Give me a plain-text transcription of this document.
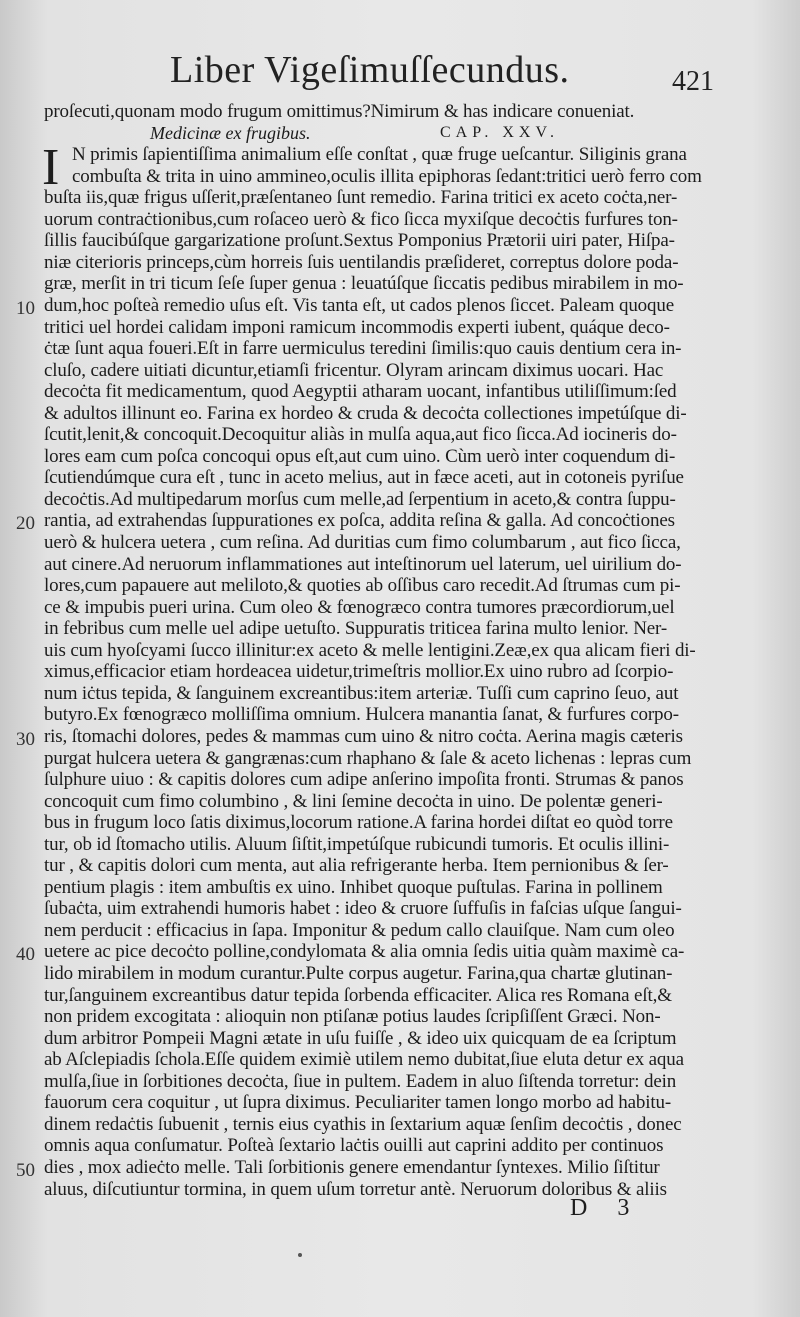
Liber Vigeſimuſſecundus.	421
Medicinæ ex frugibus.	CAP. XXV.
I
proſecuti,quonam modo frugum omittimus?Nimirum & has indicare conueniat.
N primis ſapientiſſima animalium eſſe conſtat , quæ fruge ueſcantur. Siliginis grana
combuſta & trita in uino ammineo,oculis illita epiphoras ſedant:tritici uerò ferro com
buſta iis,quæ frigus uſſerit,præſentaneo ſunt remedio. Farina tritici ex aceto coċta,ner-
uorum contraċtionibus,cum roſaceo uerò & fico ſicca myxiſque decoċtis furfures ton-
ſillis faucibúſque gargarizatione proſunt.Sextus Pomponius Prætorii uiri pater, Hiſpa-
niæ citerioris princeps,cùm horreis ſuis uentilandis præſideret, correptus dolore poda-
græ, merſit in tri ticum ſeſe ſuper genua : leuatúſque ſiccatis pedibus mirabilem in mo-
dum,hoc poſteà remedio uſus eſt. Vis tanta eſt, ut cados plenos ſiccet. Paleam quoque
tritici uel hordei calidam imponi ramicum incommodis experti iubent, quáque deco-
ċtæ ſunt aqua foueri.Eſt in farre uermiculus teredini ſimilis:quo cauis dentium cera in-
cluſo, cadere uitiati dicuntur,etiamſi fricentur. Olyram arincam diximus uocari. Hac
decoċta fit medicamentum, quod Aegyptii atharam uocant, infantibus utiliſſimum:ſed
& adultos illinunt eo. Farina ex hordeo & cruda & decoċta collectiones impetúſque di-
ſcutit,lenit,& concoquit.Decoquitur aliàs in mulſa aqua,aut fico ſicca.Ad iocineris do-
lores eam cum poſca concoqui opus eſt,aut cum uino. Cùm uerò inter coquendum di-
ſcutiendúmque cura eſt , tunc in aceto melius, aut in fæce aceti, aut in cotoneis pyriſue
decoċtis.Ad multipedarum morſus cum melle,ad ſerpentium in aceto,& contra ſuppu-
rantia, ad extrahendas ſuppurationes ex poſca, addita reſina & galla. Ad concoċtiones
uerò & hulcera uetera , cum reſina. Ad duritias cum fimo columbarum , aut fico ſicca,
aut cinere.Ad neruorum inflammationes aut inteſtinorum uel laterum, uel uirilium do-
lores,cum papauere aut meliloto,& quoties ab oſſibus caro recedit.Ad ſtrumas cum pi-
ce & impubis pueri urina. Cum oleo & fœnogræco contra tumores præcordiorum,uel
in febribus cum melle uel adipe uetuſto. Suppuratis triticea farina multo lenior. Ner-
uis cum hyoſcyami ſucco illinitur:ex aceto & melle lentigini.Zeæ,ex qua alicam fieri di-
ximus,efficacior etiam hordeacea uidetur,trimeſtris mollior.Ex uino rubro ad ſcorpio-
num iċtus tepida, & ſanguinem excreantibus:item arteriæ. Tuſſi cum caprino ſeuo, aut
butyro.Ex fœnogræco molliſſima omnium. Hulcera manantia ſanat, & furfures corpo-
ris, ſtomachi dolores, pedes & mammas cum uino & nitro coċta. Aerina magis cæteris
purgat hulcera uetera & gangrænas:cum rhaphano & ſale & aceto lichenas : lepras cum
ſulphure uiuo : & capitis dolores cum adipe anſerino impoſita fronti. Strumas & panos
concoquit cum fimo columbino , & lini ſemine decoċta in uino. De polentæ generi-
bus in frugum loco ſatis diximus,locorum ratione.A farina hordei diſtat eo quòd torre
tur, ob id ſtomacho utilis. Aluum ſiſtit,impetúſque rubicundi tumoris. Et oculis illini-
tur , & capitis dolori cum menta, aut alia refrigerante herba. Item pernionibus & ſer-
pentium plagis : item ambuſtis ex uino. Inhibet quoque puſtulas. Farina in pollinem
ſubaċta, uim extrahendi humoris habet : ideo & cruore ſuffuſis in faſcias uſque ſangui-
nem perducit : efficacius in ſapa. Imponitur & pedum callo clauiſque. Nam cum oleo
uetere ac pice decoċto polline,condylomata & alia omnia ſedis uitia quàm maximè ca-
lido mirabilem in modum curantur.Pulte corpus augetur. Farina,qua chartæ glutinan-
tur,ſanguinem excreantibus datur tepida ſorbenda efficaciter. Alica res Romana eſt,&
non pridem excogitata : alioquin non ptiſanæ potius laudes ſcripſiſſent Græci. Non-
dum arbitror Pompeii Magni ætate in uſu fuiſſe , & ideo uix quicquam de ea ſcriptum
ab Aſclepiadis ſchola.Eſſe quidem eximiè utilem nemo dubitat,ſiue eluta detur ex aqua
mulſa,ſiue in ſorbitiones decoċta, ſiue in pultem. Eadem in aluo ſiſtenda torretur: dein
fauorum cera coquitur , ut ſupra diximus. Peculiariter tamen longo morbo ad habitu-
dinem redaċtis ſubuenit , ternis eius cyathis in ſextarium aquæ ſenſim decoċtis , donec
omnis aqua conſumatur. Poſteà ſextario laċtis ouilli aut caprini addito per continuos
dies , mox adieċto melle. Tali ſorbitionis genere emendantur ſyntexes. Milio ſiſtitur
aluus, diſcutiuntur tormina, in quem uſum torretur antè. Neruorum doloribus & aliis
10
20
30
40
50
D 3
